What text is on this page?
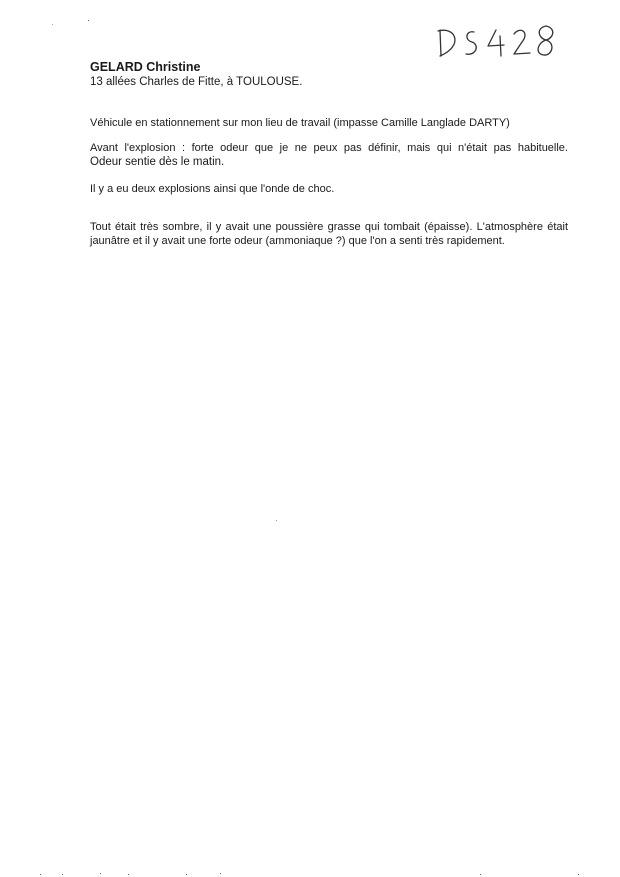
GELARD Christine

13 allées Charles de Fitte, à TOULOUSE.

Véhicule en stationnement sur mon lieu de travail (impasse Camille Langlade DARTY)

Avant l'explosion : forte odeur que je ne peux pas définir, mais qui n'était pas habituelle.
Odeur sentie dès le matin.

Il y a eu deux explosions ainsi que l'onde de choc.

Tout était très sombre, il y avait une poussière grasse qui tombait (épaisse). L'atmosphère était jaunâtre et il y avait une forte odeur (ammoniaque ?) que l'on a senti très rapidement.
